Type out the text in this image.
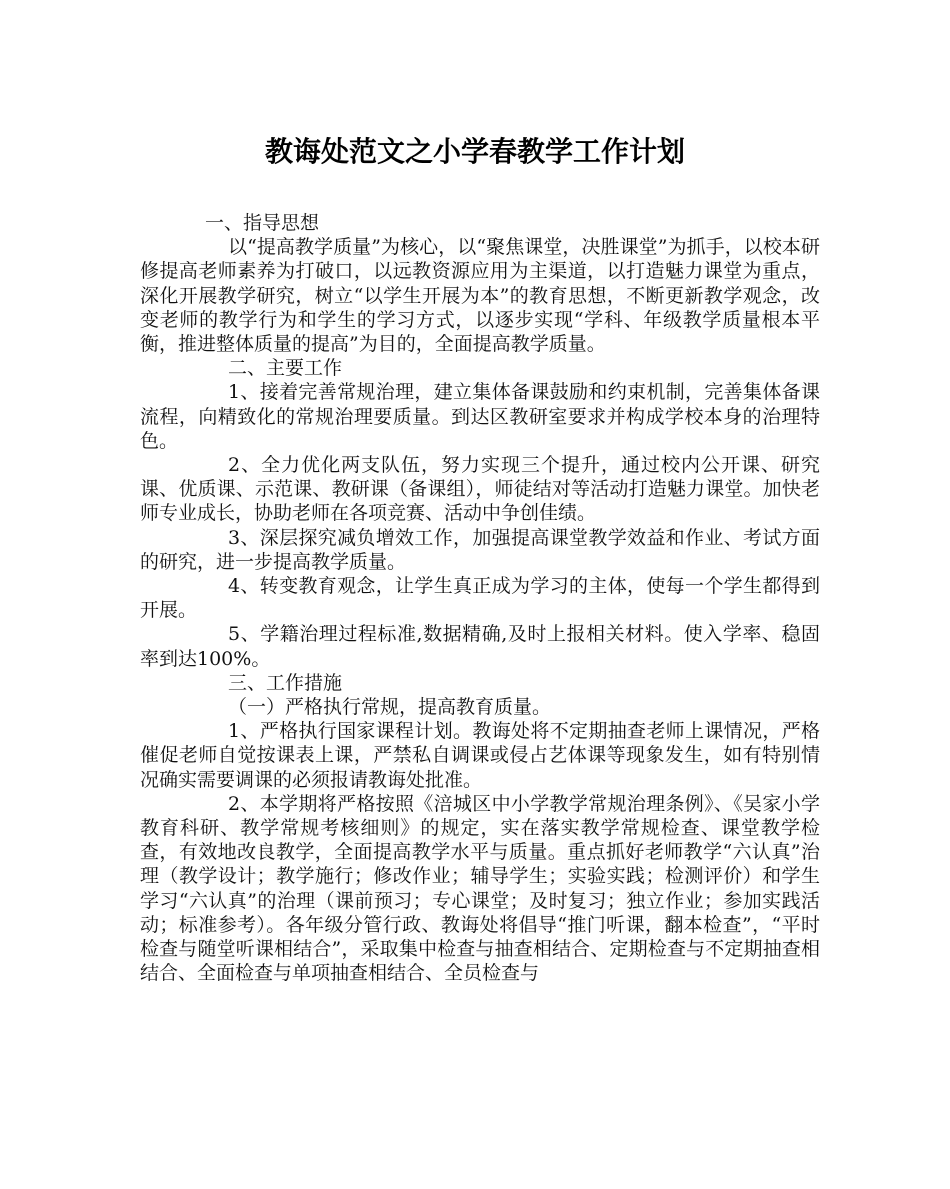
教诲处范文之小学春教学工作计划

一、指导思想

以“提高教学质量”为核心，以“聚焦课堂，决胜课堂”为抓手，以校本研修提高老师素养为打破口，以远教资源应用为主渠道，以打造魅力课堂为重点，深化开展教学研究，树立“以学生开展为本”的教育思想，不断更新教学观念，改变老师的教学行为和学生的学习方式，以逐步实现“学科、年级教学质量根本平衡，推进整体质量的提高”为目的，全面提高教学质量。

二、主要工作

1、接着完善常规治理，建立集体备课鼓励和约束机制，完善集体备课流程，向精致化的常规治理要质量。到达区教研室要求并构成学校本身的治理特色。

2、全力优化两支队伍，努力实现三个提升，通过校内公开课、研究课、优质课、示范课、教研课（备课组），师徒结对等活动打造魅力课堂。加快老师专业成长，协助老师在各项竞赛、活动中争创佳绩。

3、深层探究减负增效工作，加强提高课堂教学效益和作业、考试方面的研究，进一步提高教学质量。

4、转变教育观念，让学生真正成为学习的主体，使每一个学生都得到开展。

5、学籍治理过程标准,数据精确,及时上报相关材料。使入学率、稳固率到达100%。

三、工作措施

（一）严格执行常规，提高教育质量。

1、严格执行国家课程计划。教诲处将不定期抽查老师上课情况，严格催促老师自觉按课表上课，严禁私自调课或侵占艺体课等现象发生，如有特别情况确实需要调课的必须报请教诲处批准。

2、本学期将严格按照《涪城区中小学教学常规治理条例》、《吴家小学教育科研、教学常规考核细则》的规定，实在落实教学常规检查、课堂教学检查，有效地改良教学，全面提高教学水平与质量。重点抓好老师教学“六认真”治理（教学设计；教学施行；修改作业；辅导学生；实验实践；检测评价）和学生学习“六认真”的治理（课前预习；专心课堂；及时复习；独立作业；参加实践活动；标准参考）。各年级分管行政、教诲处将倡导“推门听课，翻本检查”，“平时检查与随堂听课相结合”，采取集中检查与抽查相结合、定期检查与不定期抽查相结合、全面检查与单项抽查相结合、全员检查与
